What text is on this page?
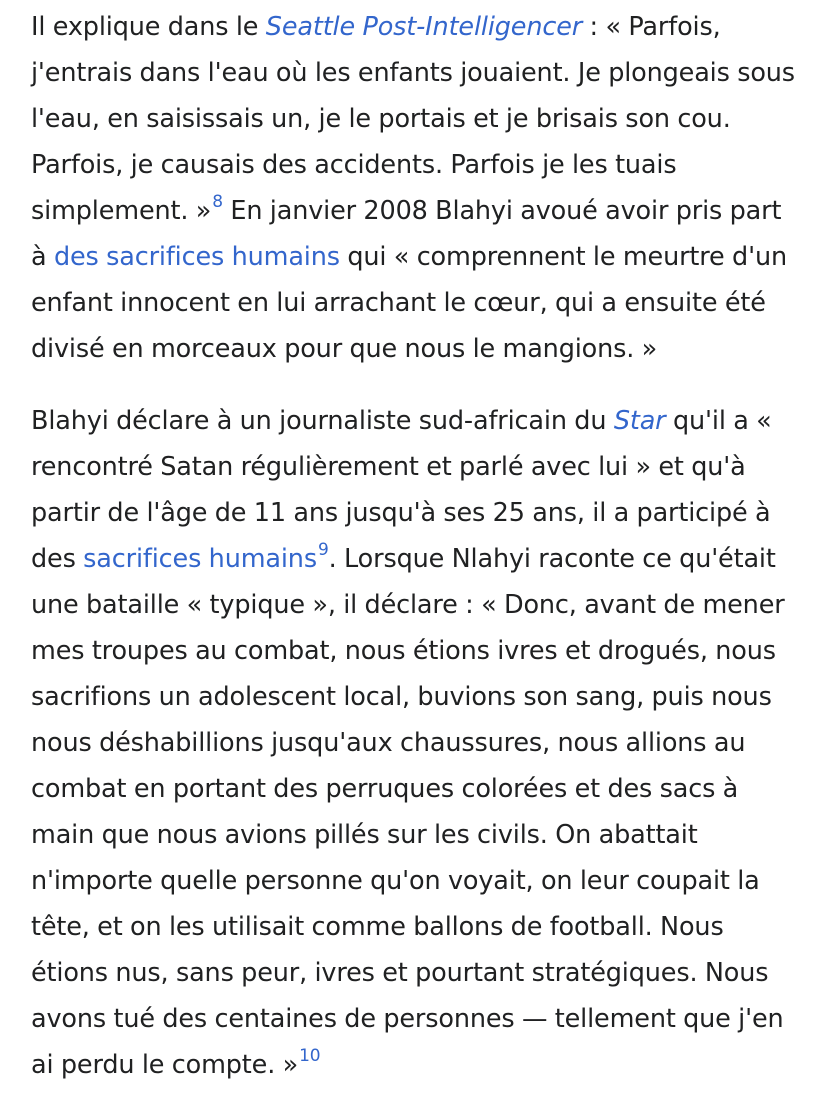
Il explique dans le Seattle Post-Intelligencer : « Parfois, j'entrais dans l'eau où les enfants jouaient. Je plongeais sous l'eau, en saisissais un, je le portais et je brisais son cou. Parfois, je causais des accidents. Parfois je les tuais simplement. »$^8$ En janvier 2008 Blahyi avoué avoir pris part à des sacrifices humains qui « comprennent le meurtre d'un enfant innocent en lui arrachant le cœur, qui a ensuite été divisé en morceaux pour que nous le mangions. »

Blahyi déclare à un journaliste sud-africain du Star qu'il a « rencontré Satan régulièrement et parlé avec lui » et qu'à partir de l'âge de 11 ans jusqu'à ses 25 ans, il a participé à des sacrifices humains$^9$. Lorsque Nlahyi raconte ce qu'était une bataille « typique », il déclare : « Donc, avant de mener mes troupes au combat, nous étions ivres et drogués, nous sacrifions un adolescent local, buvions son sang, puis nous nous déshabillions jusqu'aux chaussures, nous allions au combat en portant des perruques colorées et des sacs à main que nous avions pillés sur les civils. On abattait n'importe quelle personne qu'on voyait, on leur coupait la tête, et on les utilisait comme ballons de football. Nous étions nus, sans peur, ivres et pourtant stratégiques. Nous avons tué des centaines de personnes — tellement que j'en ai perdu le compte. »$^{10}$
